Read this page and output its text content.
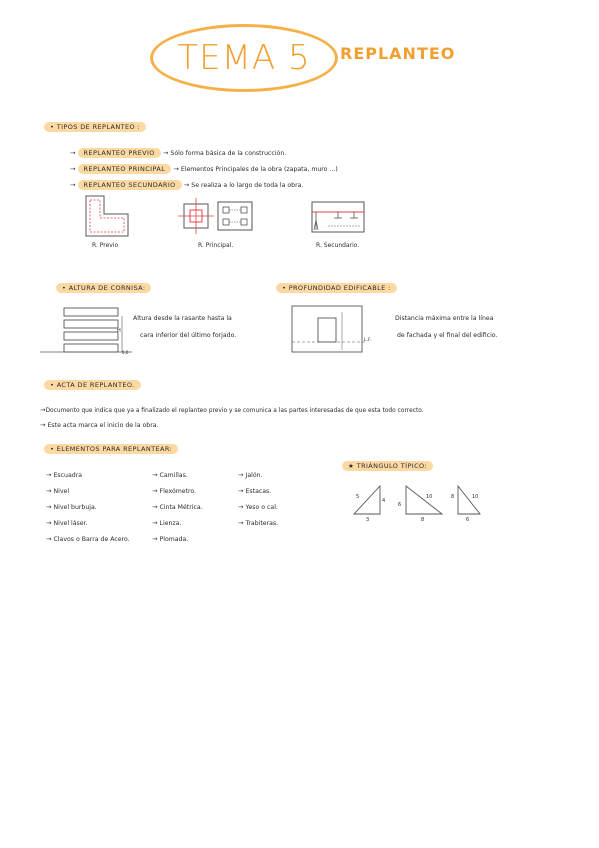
TEMA 5 REPLANTEO
• TIPOS DE REPLANTEO :
→ REPLANTEO PREVIO → Sólo forma básica de la construcción.
→ REPLANTEO PRINCIPAL → Elementos Principales de la obra (zapata, muro ...)
→ REPLANTEO SECUNDARIO → Se realiza a lo largo de toda la obra.
R. Previo	R. Principal.	R. Secundario.
• ALTURA DE CORNISA:
H
0,0
Altura desde la rasante hasta la
cara inferior del último forjado.
• PROFUNDIDAD EDIFICABLE :
L.F.
Distancia máxima entre la línea
de fachada y el final del edificio.
• ACTA DE REPLANTEO.
→Documento que indica que ya a finalizado el replanteo previo y se comunica a las partes interesadas de que esta todo correcto.
→ Este acta marca el inicio de la obra.
• ELEMENTOS PARA REPLANTEAR:
→ Escuadra
→ Nivel
→ Nivel burbuja.
→ Nivel láser.
→ Clavos o Barra de Acero.
→ Camillas.
→ Flexómetro.
→ Cinta Métrica.
→ Lienza.
→ Plomada.
→ Jalón.
→ Estacas.
→ Yeso o cal.
→ Trabiteras.
★ TRIÁNGULO TÍPICO:
5
4
3
10
6
8
10
8
6
